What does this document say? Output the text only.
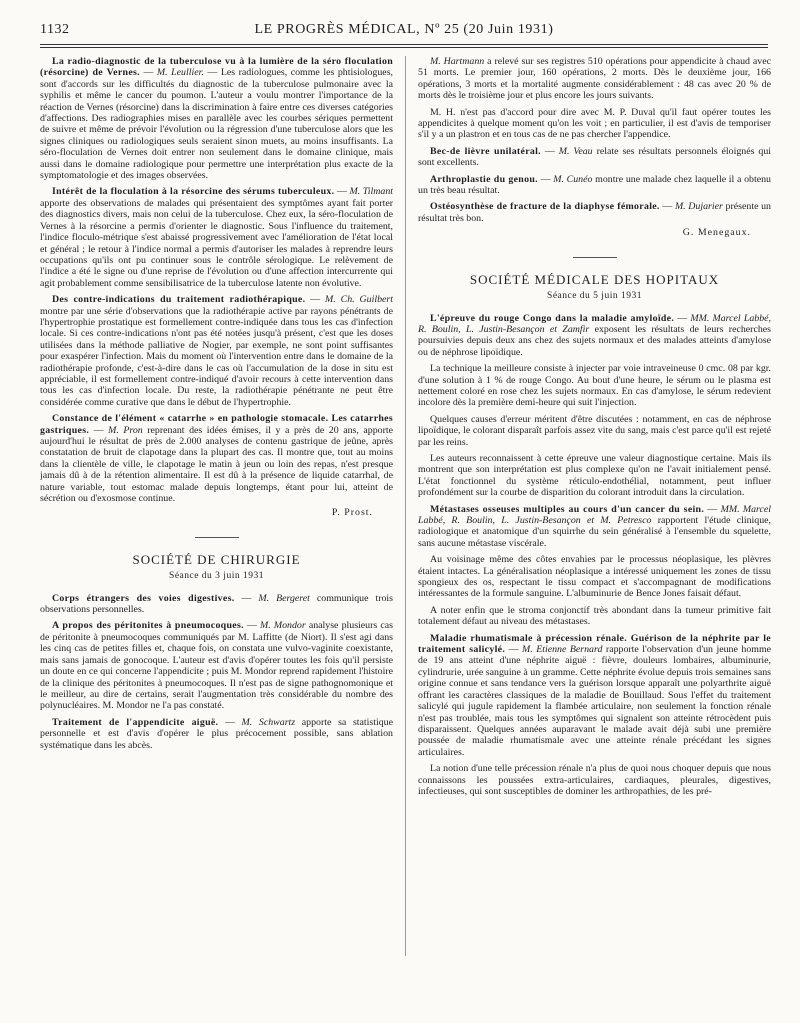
1132	LE PROGRÈS MÉDICAL, Nº 25 (20 Juin 1931)

La radio-diagnostic de la tuberculose vu à la lumière de la séro floculation (résorcine) de Vernes. — M. Leullier. — Les radiologues, comme les phtisiologues, sont d'accords sur les difficultés du diagnostic de la tuberculose pulmonaire avec la syphilis et même le cancer du poumon. L'auteur a voulu montrer l'importance de la réaction de Vernes (résorcine) dans la discrimination à faire entre ces diverses catégories d'affections. Des radiographies mises en parallèle avec les courbes sériques permettent de suivre et même de prévoir l'évolution ou la régression d'une tuberculose alors que les signes cliniques ou radiologiques seuls seraient sinon muets, au moins insuffisants. La séro-floculation de Vernes doit entrer non seulement dans le domaine clinique, mais aussi dans le domaine radiologique pour permettre une interprétation plus exacte de la symptomatologie et des images observées.

Intérêt de la floculation à la résorcine des sérums tuberculeux. — M. Tilmant apporte des observations de malades qui présentaient des symptômes ayant fait porter des diagnostics divers, mais non celui de la tuberculose. Chez eux, la séro-floculation de Vernes à la résorcine a permis d'orienter le diagnostic. Sous l'influence du traitement, l'indice floculo-métrique s'est abaissé progressivement avec l'amélioration de l'état local et général ; le retour à l'indice normal a permis d'autoriser les malades à reprendre leurs occupations qu'ils ont pu continuer sous le contrôle sérologique. Le relèvement de l'indice a été le signe ou d'une reprise de l'évolution ou d'une affection intercurrente qui agit probablement comme sensibilisatrice de la tuberculose latente non évolutive.

Des contre-indications du traitement radiothérapique. — M. Ch. Guilbert montre par une série d'observations que la radiothérapie active par rayons pénétrants de l'hypertrophie prostatique est formellement contre-indiquée dans tous les cas d'infection locale. Si ces contre-indications n'ont pas été notées jusqu'à présent, c'est que les doses utilisées dans la méthode palliative de Nogier, par exemple, ne sont point suffisantes pour exaspérer l'infection. Mais du moment où l'intervention entre dans le domaine de la radiothérapie profonde, c'est-à-dire dans le cas où l'accumulation de la dose in situ est appréciable, il est formellement contre-indiqué d'avoir recours à cette intervention dans tous les cas d'infection locale. Du reste, la radiothérapie pénétrante ne peut être considérée comme curative que dans le début de l'hypertrophie.

Constance de l'élément « catarrhe » en pathologie stomacale. Les catarrhes gastriques. — M. Pron reprenant des idées émises, il y a près de 20 ans, apporte aujourd'hui le résultat de près de 2.000 analyses de contenu gastrique de jeûne, après constatation de bruit de clapotage dans la plupart des cas. Il montre que, tout au moins dans la clientèle de ville, le clapotage le matin à jeun ou loin des repas, n'est presque jamais dû à de la rétention alimentaire. Il est dû à la présence de liquide catarrhal, de nature variable, tout estomac malade depuis longtemps, étant pour lui, atteint de sécrétion ou d'exosmose continue.

P. Prost.
SOCIÉTÉ DE CHIRURGIE
Séance du 3 juin 1931

Corps étrangers des voies digestives. — M. Bergeret communique trois observations personnelles.

A propos des péritonites à pneumocoques. — M. Mondor analyse plusieurs cas de péritonite à pneumocoques communiqués par M. Laffitte (de Niort). Il s'est agi dans les cinq cas de petites filles et, chaque fois, on constata une vulvo-vaginite coexistante, mais sans jamais de gonocoque. L'auteur est d'avis d'opérer toutes les fois qu'il persiste un doute en ce qui concerne l'appendicite ; puis M. Mondor reprend rapidement l'histoire de la clinique des péritonites à pneumocoques. Il n'est pas de signe pathognomonique et le meilleur, au dire de certains, serait l'augmentation très considérable du nombre des polynucléaires. M. Mondor ne l'a pas constaté.

Traitement de l'appendicite aiguë. — M. Schwartz apporte sa statistique personnelle et est d'avis d'opérer le plus précocement possible, sans ablation systématique dans les abcès.

M. Hartmann a relevé sur ses registres 510 opérations pour appendicite à chaud avec 51 morts. Le premier jour, 160 opérations, 2 morts. Dès le deuxième jour, 166 opérations, 3 morts et la mortalité augmente considérablement : 48 cas avec 20 % de morts dès le troisième jour et plus encore les jours suivants.

M. H. n'est pas d'accord pour dire avec M. P. Duval qu'il faut opérer toutes les appendicites à quelque moment qu'on les voit ; en particulier, il est d'avis de temporiser s'il y a un plastron et en tous cas de ne pas chercher l'appendice.

Bec-de lièvre unilatéral. — M. Veau relate ses résultats personnels éloignés qui sont excellents.

Arthroplastie du genou. — M. Cunéo montre une malade chez laquelle il a obtenu un très beau résultat.

Ostéosynthèse de fracture de la diaphyse fémorale. — M. Dujarier présente un résultat très bon.

G. Menegaux.
SOCIÉTÉ MÉDICALE DES HOPITAUX
Séance du 5 juin 1931

L'épreuve du rouge Congo dans la maladie amyloïde. — MM. Marcel Labbé, R. Boulin, L. Justin-Besançon et Zamfir exposent les résultats de leurs recherches poursuivies depuis deux ans chez des sujets normaux et des malades atteints d'amylose ou de néphrose lipoïdique.

La technique la meilleure consiste à injecter par voie intraveineuse 0 cmc. 08 par kgr. d'une solution à 1 % de rouge Congo. Au bout d'une heure, le sérum ou le plasma est nettement coloré en rose chez les sujets normaux. En cas d'amylose, le sérum redevient incolore dès la première demi-heure qui suit l'injection.

Quelques causes d'erreur méritent d'être discutées : notamment, en cas de néphrose lipoïdique, le colorant disparaît parfois assez vite du sang, mais c'est parce qu'il est rejeté par les reins.

Les auteurs reconnaissent à cette épreuve une valeur diagnostique certaine. Mais ils montrent que son interprétation est plus complexe qu'on ne l'avait initialement pensé. L'état fonctionnel du système réticulo-endothélial, notamment, peut influer profondément sur la courbe de disparition du colorant introduit dans la circulation.

Métastases osseuses multiples au cours d'un cancer du sein. — MM. Marcel Labbé, R. Boulin, L. Justin-Besançon et M. Petresco rapportent l'étude clinique, radiologique et anatomique d'un squirrhe du sein généralisé à l'ensemble du squelette, sans aucune métastase viscérale.

Au voisinage même des côtes envahies par le processus néoplasique, les plèvres étaient intactes. La généralisation néoplasique a intéressé uniquement les zones de tissu spongieux des os, respectant le tissu compact et s'accompagnant de modifications intéressantes de la formule sanguine. L'albuminurie de Bence Jones faisait défaut.

A noter enfin que le stroma conjonctif très abondant dans la tumeur primitive fait totalement défaut au niveau des métastases.

Maladie rhumatismale à précession rénale. Guérison de la néphrite par le traitement salicylé. — M. Etienne Bernard rapporte l'observation d'un jeune homme de 19 ans atteint d'une néphrite aiguë : fièvre, douleurs lombaires, albuminurie, cylindrurie, urée sanguine à un gramme. Cette néphrite évolue depuis trois semaines sans origine connue et sans tendance vers la guérison lorsque apparaît une polyarthrite aiguë offrant les caractères classiques de la maladie de Bouillaud. Sous l'effet du traitement salicylé qui jugule rapidement la flambée articulaire, non seulement la fonction rénale n'est pas troublée, mais tous les symptômes qui signalent son atteinte rétrocèdent puis disparaissent. Quelques années auparavant le malade avait déjà subi une première poussée de maladie rhumatismale avec une atteinte rénale précédant les signes articulaires.

La notion d'une telle précession rénale n'a plus de quoi nous choquer depuis que nous connaissons les poussées extra-articulaires, cardiaques, pleurales, digestives, infectieuses, qui sont susceptibles de dominer les arthropathies, de les pré-
